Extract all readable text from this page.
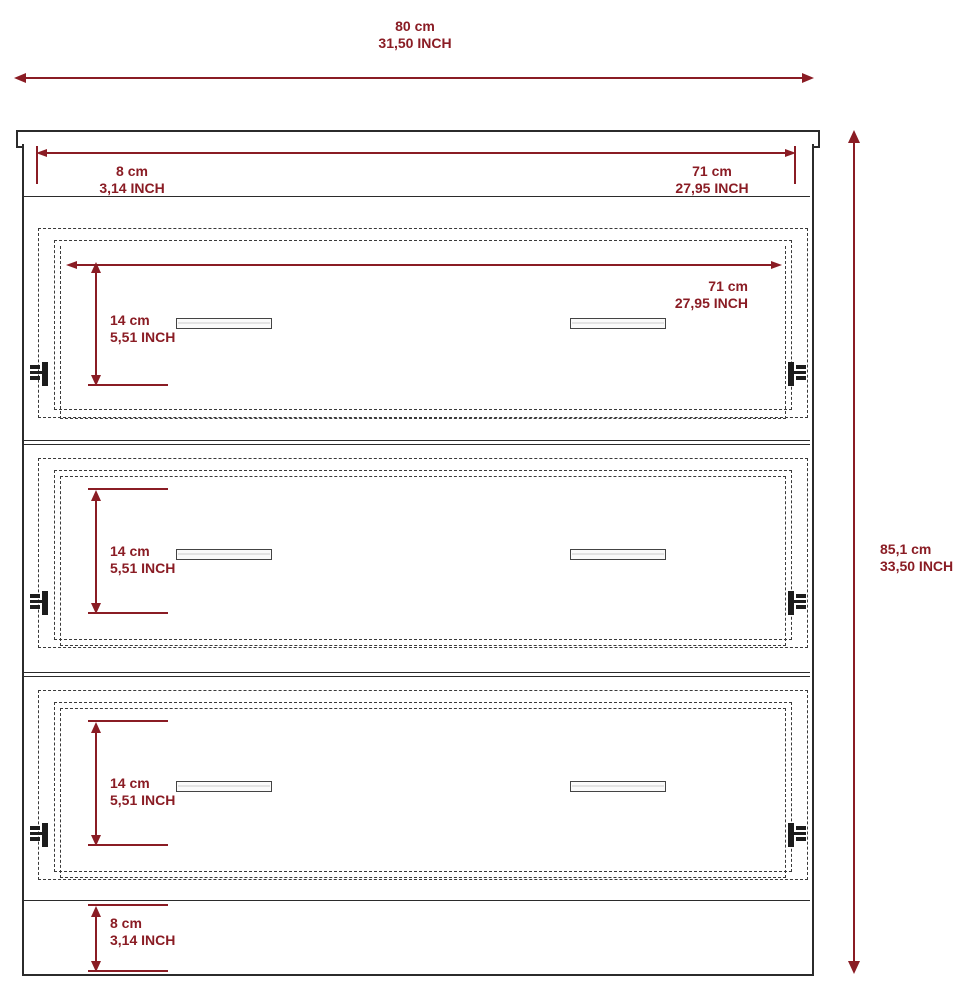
80 cm
31,50 INCH
8 cm
3,14 INCH
71 cm
27,95 INCH
71 cm
27,95 INCH
14 cm
5,51 INCH
14 cm
5,51 INCH
14 cm
5,51 INCH
8 cm
3,14 INCH
85,1 cm
33,50 INCH
